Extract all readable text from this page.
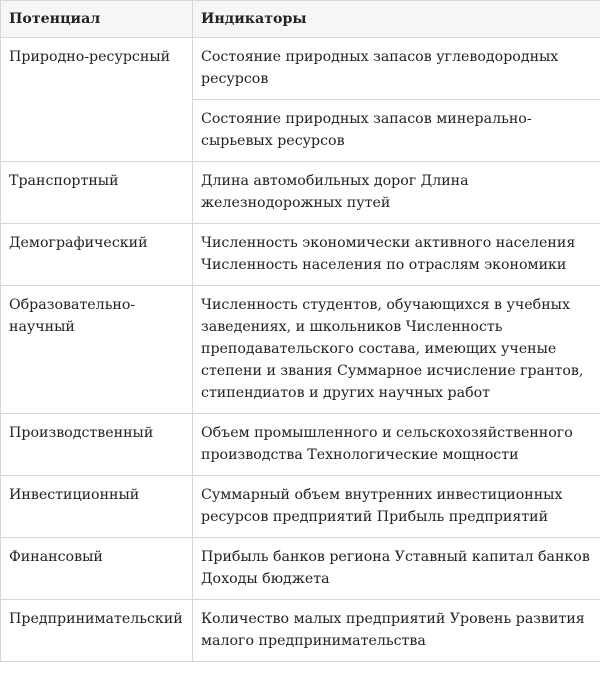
Потенциал	Индикаторы
Природно-ресурсный	Состояние природных запасов углеводородных ресурсов
	Состояние природных запасов минерально-сырьевых ресурсов
Транспортный	Длина автомобильных дорог Длина железнодорожных путей
Демографический	Численность экономически активного населения Численность населения по отраслям экономики
Образовательно-научный	Численность студентов, обучающихся в учебных заведениях, и школьников Численность преподавательского состава, имеющих ученые степени и звания Суммарное исчисление грантов, стипендиатов и других научных работ
Производственный	Объем промышленного и сельскохозяйственного производства Технологические мощности
Инвестиционный	Суммарный объем внутренних инвестиционных ресурсов предприятий Прибыль предприятий
Финансовый	Прибыль банков региона Уставный капитал банков Доходы бюджета
Предпринимательский	Количество малых предприятий Уровень развития малого предпринимательства
